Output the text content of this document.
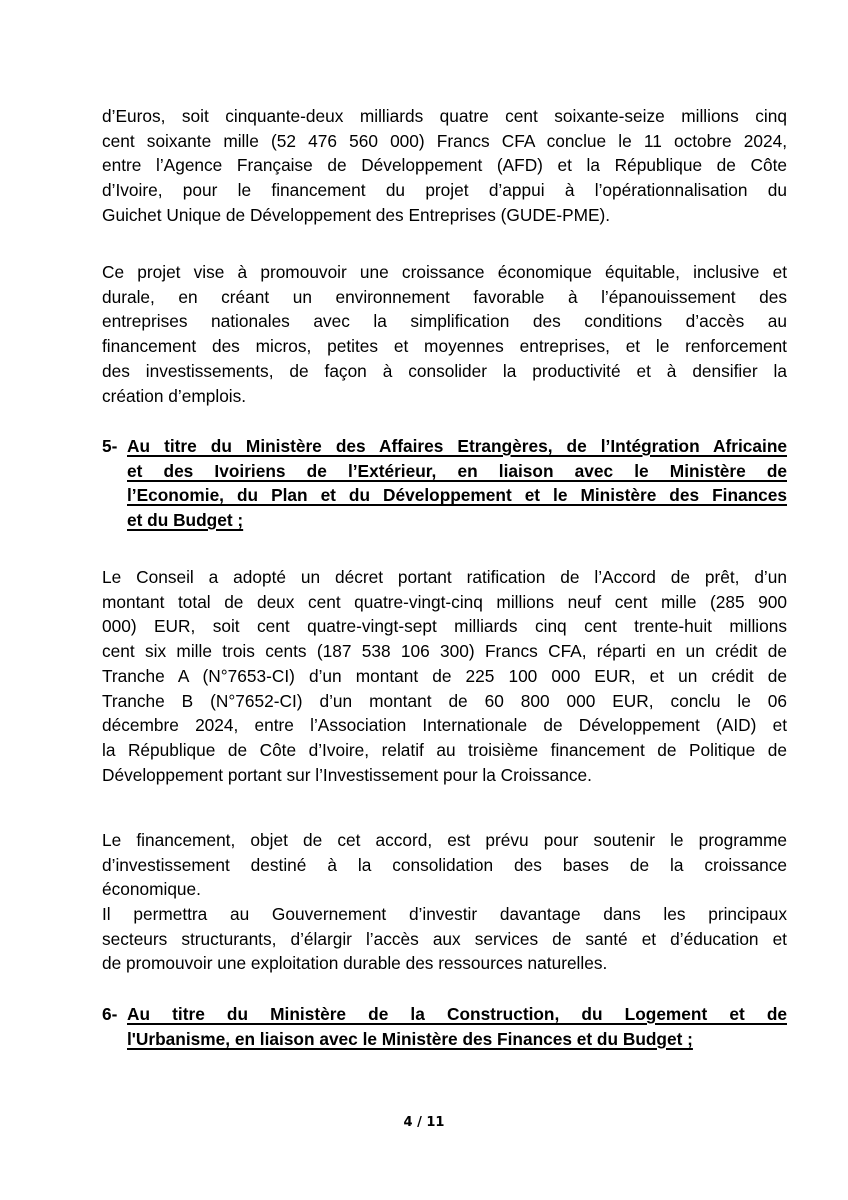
d’Euros, soit cinquante-deux milliards quatre cent soixante-seize millions cinq
cent soixante mille (52 476 560 000) Francs CFA conclue le 11 octobre 2024,
entre l’Agence Française de Développement (AFD) et la République de Côte
d’Ivoire, pour le financement du projet d’appui à l’opérationnalisation du
Guichet Unique de Développement des Entreprises (GUDE-PME).
Ce projet vise à promouvoir une croissance économique équitable, inclusive et
durale, en créant un environnement favorable à l’épanouissement des
entreprises nationales avec la simplification des conditions d’accès au
financement des micros, petites et moyennes entreprises, et le renforcement
des investissements, de façon à consolider la productivité et à densifier la
création d’emplois.
5- Au titre du Ministère des Affaires Etrangères, de l’Intégration Africaine
et des Ivoiriens de l’Extérieur, en liaison avec le Ministère de
l’Economie, du Plan et du Développement et le Ministère des Finances
et du Budget ;
Le Conseil a adopté un décret portant ratification de l’Accord de prêt, d’un
montant total de deux cent quatre-vingt-cinq millions neuf cent mille (285 900
000) EUR, soit cent quatre-vingt-sept milliards cinq cent trente-huit millions
cent six mille trois cents (187 538 106 300) Francs CFA, réparti en un crédit de
Tranche A (N°7653-CI) d’un montant de 225 100 000 EUR, et un crédit de
Tranche B (N°7652-CI) d’un montant de 60 800 000 EUR, conclu le 06
décembre 2024, entre l’Association Internationale de Développement (AID) et
la République de Côte d’Ivoire, relatif au troisième financement de Politique de
Développement portant sur l’Investissement pour la Croissance.
Le financement, objet de cet accord, est prévu pour soutenir le programme
d’investissement destiné à la consolidation des bases de la croissance
économique.
Il permettra au Gouvernement d’investir davantage dans les principaux
secteurs structurants, d’élargir l’accès aux services de santé et d’éducation et
de promouvoir une exploitation durable des ressources naturelles.
6- Au titre du Ministère de la Construction, du Logement et de
l'Urbanisme, en liaison avec le Ministère des Finances et du Budget ;
4 / 11
